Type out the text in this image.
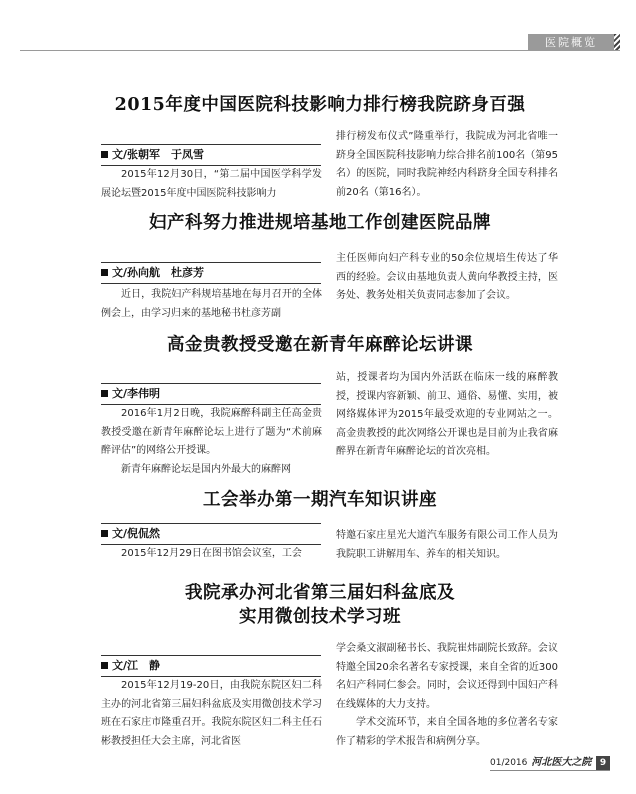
医院概览
2015年度中国医院科技影响力排行榜我院跻身百强
文/张朝军　于凤雪

2015年12月30日，“第二届中国医学科学发展论坛暨2015年度中国医院科技影响力

排行榜发布仪式”隆重举行，我院成为河北省唯一跻身全国医院科技影响力综合排名前100名（第95名）的医院，同时我院神经内科跻身全国专科排名前20名（第16名）。

妇产科努力推进规培基地工作创建医院品牌
文/孙向航　杜彦芳

近日，我院妇产科规培基地在每月召开的全体例会上，由学习归来的基地秘书杜彦芳副

主任医师向妇产科专业的50余位规培生传达了华西的经验。会议由基地负责人黄向华教授主持，医务处、教务处相关负责同志参加了会议。

高金贵教授受邀在新青年麻醉论坛讲课
文/李伟明

2016年1月2日晚，我院麻醉科副主任高金贵教授受邀在新青年麻醉论坛上进行了题为“术前麻醉评估”的网络公开授课。

新青年麻醉论坛是国内外最大的麻醉网

站，授课者均为国内外活跃在临床一线的麻醉教授，授课内容新颖、前卫、通俗、易懂、实用，被网络媒体评为2015年最受欢迎的专业网站之一。高金贵教授的此次网络公开课也是目前为止我省麻醉界在新青年麻醉论坛的首次亮相。

工会举办第一期汽车知识讲座
文/倪侃然

2015年12月29日在图书馆会议室，工会

特邀石家庄星光大道汽车服务有限公司工作人员为我院职工讲解用车、养车的相关知识。

我院承办河北省第三届妇科盆底及
实用微创技术学习班
文/江　静

2015年12月19-20日，由我院东院区妇二科主办的河北省第三届妇科盆底及实用微创技术学习班在石家庄市隆重召开。我院东院区妇二科主任石彬教授担任大会主席，河北省医

学会桑文淑副秘书长、我院崔炜副院长致辞。会议特邀全国20余名著名专家授课，来自全省的近300名妇产科同仁参会。同时，会议还得到中国妇产科在线媒体的大力支持。

学术交流环节，来自全国各地的多位著名专家作了精彩的学术报告和病例分享。

01/2016 河北医大之院 9
